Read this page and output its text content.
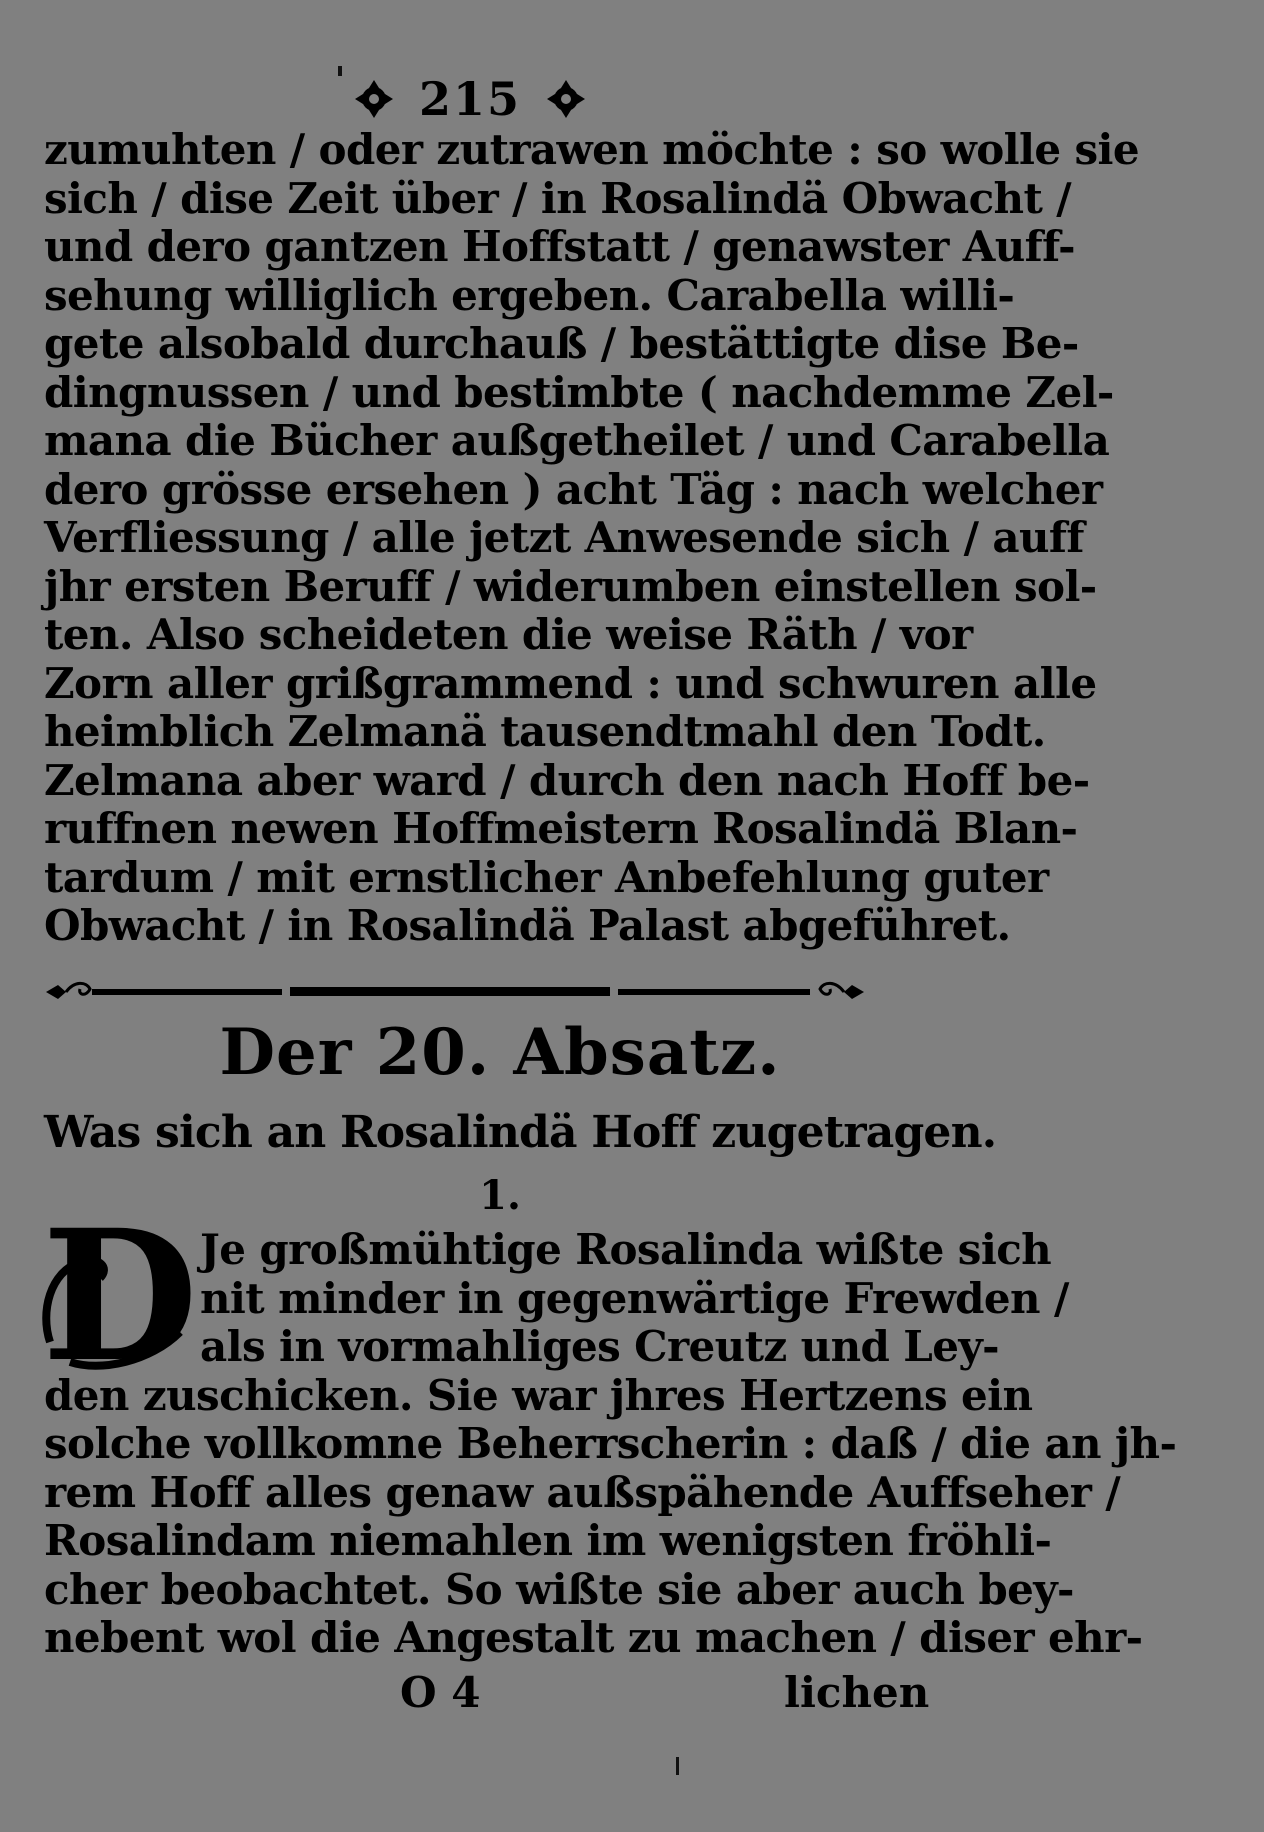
215
zumuhten / oder zutrawen möchte : so wolle sie
sich / dise Zeit über / in Rosalindä Obwacht /
und dero gantzen Hoffstatt / genawster Auff-
sehung williglich ergeben. Carabella willi-
gete alsobald durchauß / bestättigte dise Be-
dingnussen / und bestimbte ( nachdemme Zel-
mana die Bücher außgetheilet / und Carabella
dero grösse ersehen ) acht Täg : nach welcher
Verfliessung / alle jetzt Anwesende sich / auff
jhr ersten Beruff / widerumben einstellen sol-
ten. Also scheideten die weise Räth / vor
Zorn aller grißgrammend : und schwuren alle
heimblich Zelmanä tausendtmahl den Todt.
Zelmana aber ward / durch den nach Hoff be-
ruffnen newen Hoffmeistern Rosalindä Blan-
tardum / mit ernstlicher Anbefehlung guter
Obwacht / in Rosalindä Palast abgeführet.
Der 20. Absatz.
Was sich an Rosalindä Hoff zugetragen.
1.
D Je großmühtige Rosalinda wißte sich
nit minder in gegenwärtige Frewden /
als in vormahliges Creutz und Ley-
den zuschicken. Sie war jhres Hertzens ein
solche vollkomne Beherrscherin : daß / die an jh-
rem Hoff alles genaw außspähende Auffseher /
Rosalindam niemahlen im wenigsten fröhli-
cher beobachtet. So wißte sie aber auch bey-
nebent wol die Angestalt zu machen / diser ehr-
O 4	lichen
